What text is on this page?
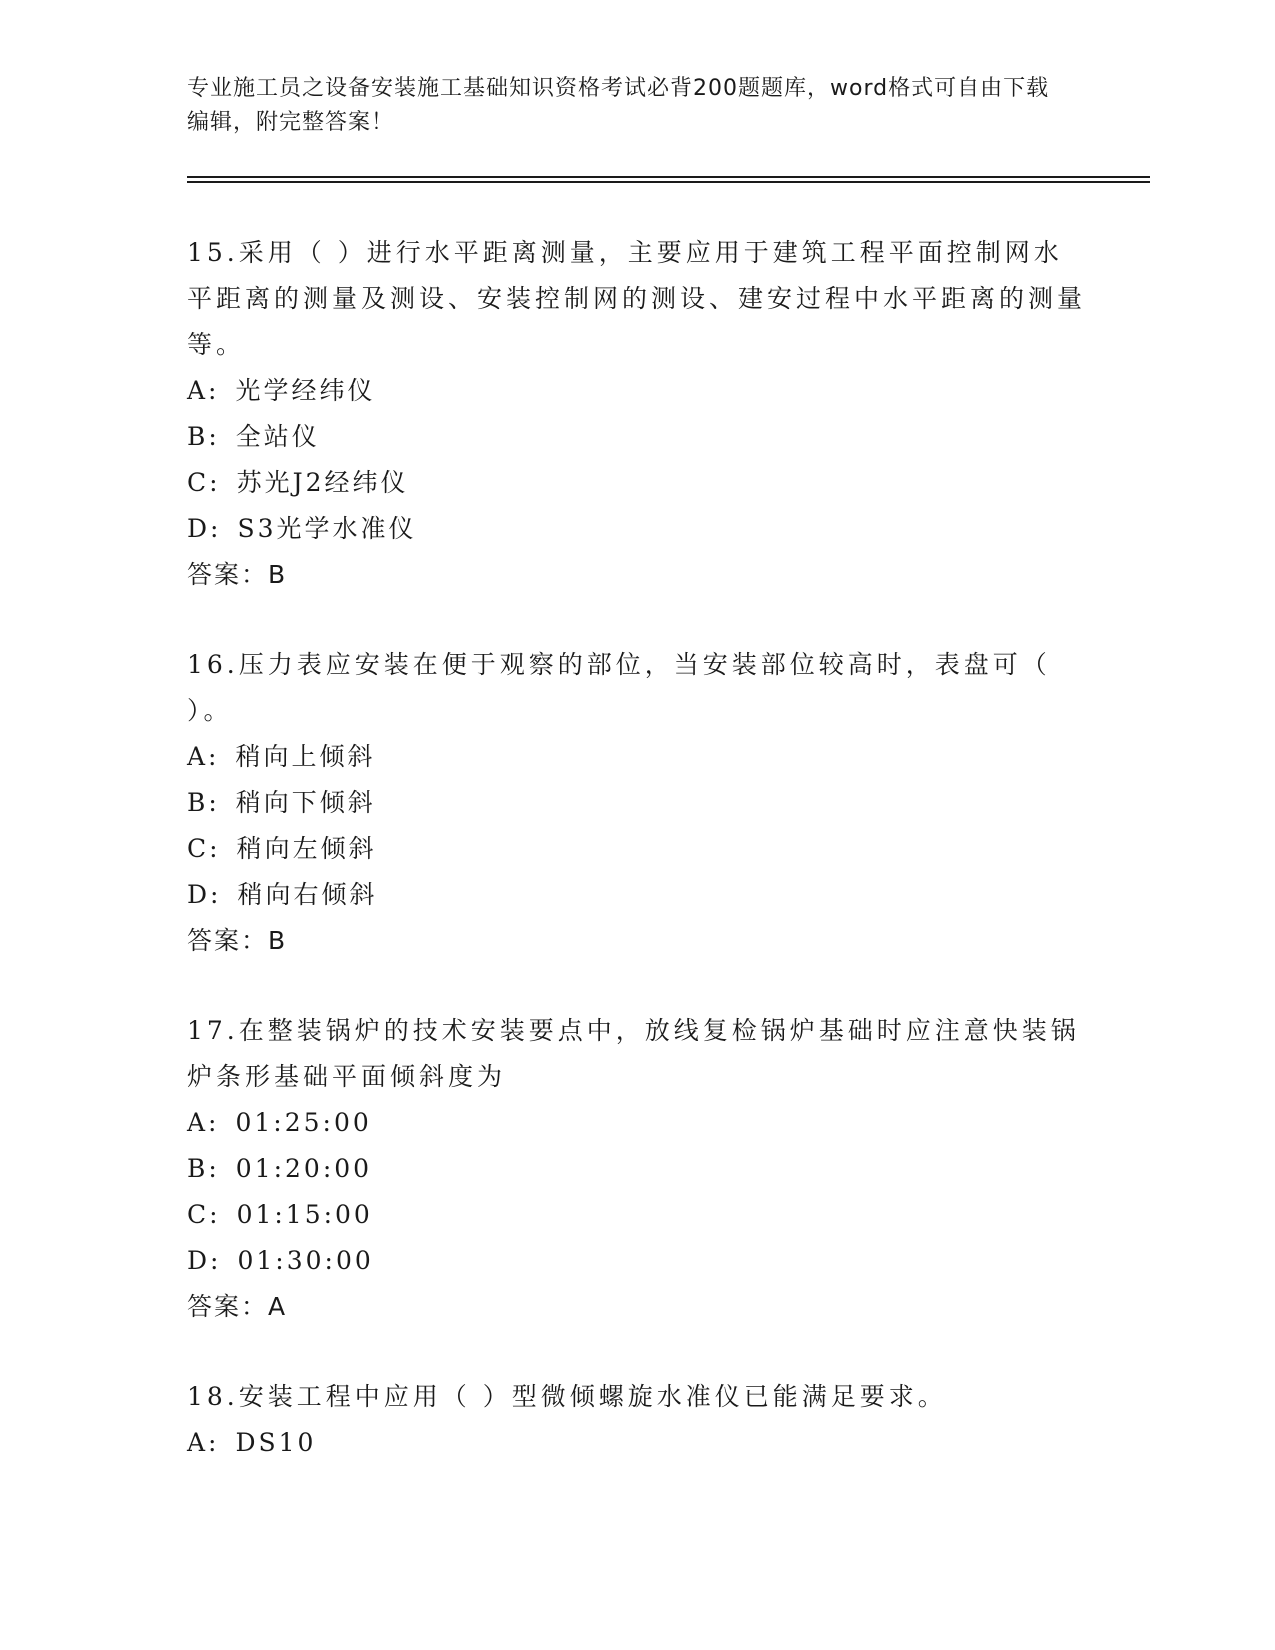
专业施工员之设备安装施工基础知识资格考试必背200题题库，word格式可自由下载编辑，附完整答案！
15.采用（ ）进行水平距离测量，主要应用于建筑工程平面控制网水平距离的测量及测设、安装控制网的测设、建安过程中水平距离的测量等。
A: 光学经纬仪
B: 全站仪
C: 苏光J2经纬仪
D: S3光学水准仪
答案：B
16.压力表应安装在便于观察的部位，当安装部位较高时，表盘可（ ）。
A: 稍向上倾斜
B: 稍向下倾斜
C: 稍向左倾斜
D: 稍向右倾斜
答案：B
17.在整装锅炉的技术安装要点中，放线复检锅炉基础时应注意快装锅炉条形基础平面倾斜度为
A: 01:25:00
B: 01:20:00
C: 01:15:00
D: 01:30:00
答案：A
18.安装工程中应用（ ）型微倾螺旋水准仪已能满足要求。
A: DS10
